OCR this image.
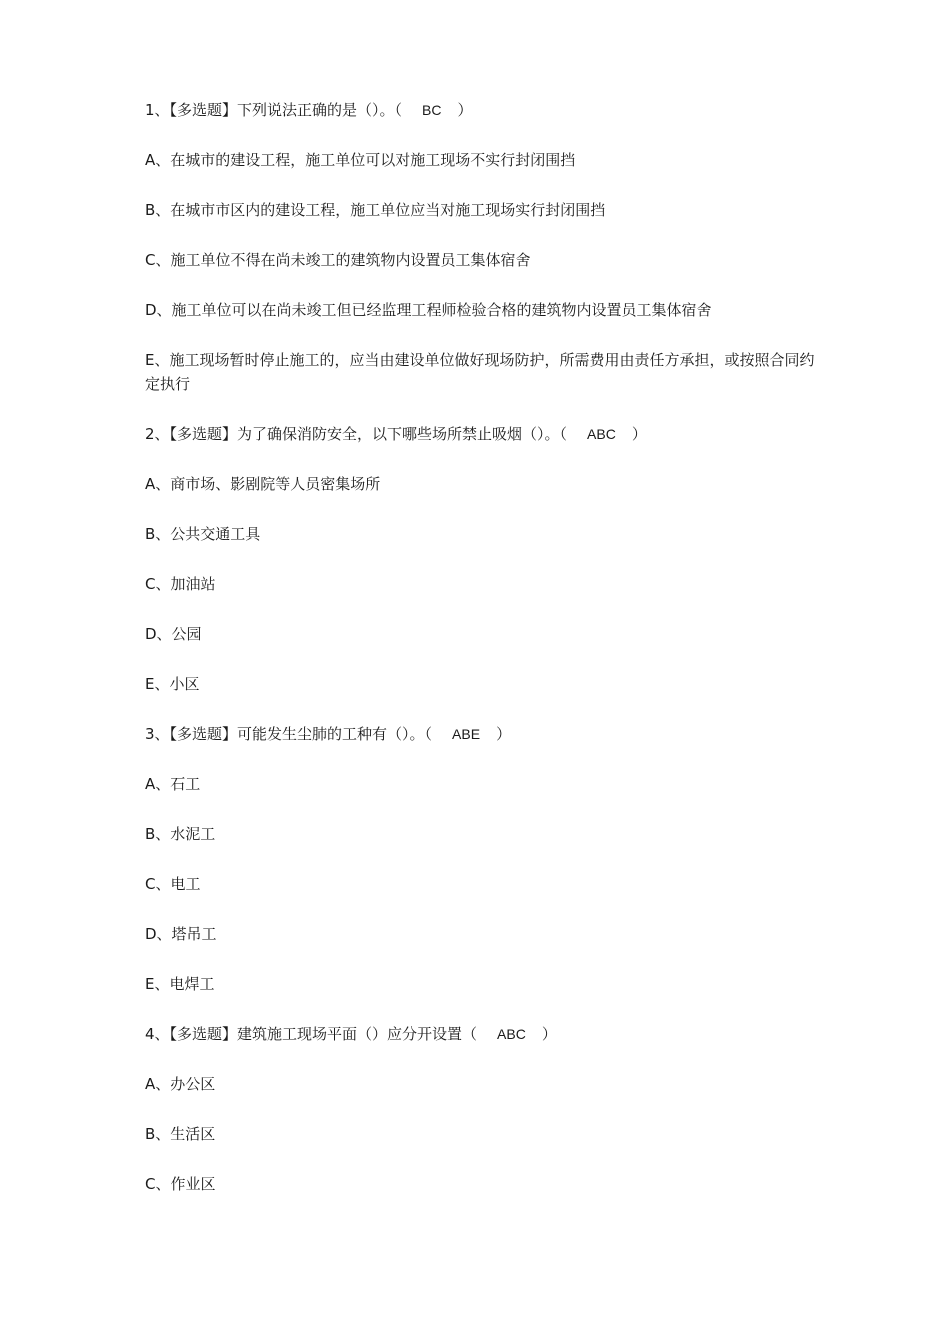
1、【多选题】下列说法正确的是（）。（ BC ）
A、在城市的建设工程，施工单位可以对施工现场不实行封闭围挡
B、在城市市区内的建设工程，施工单位应当对施工现场实行封闭围挡
C、施工单位不得在尚未竣工的建筑物内设置员工集体宿舍
D、施工单位可以在尚未竣工但已经监理工程师检验合格的建筑物内设置员工集体宿舍
E、施工现场暂时停止施工的，应当由建设单位做好现场防护，所需费用由责任方承担，或按照合同约定执行
2、【多选题】为了确保消防安全，以下哪些场所禁止吸烟（）。（ ABC ）
A、商市场、影剧院等人员密集场所
B、公共交通工具
C、加油站
D、公园
E、小区
3、【多选题】可能发生尘肺的工种有（）。（ ABE ）
A、石工
B、水泥工
C、电工
D、塔吊工
E、电焊工
4、【多选题】建筑施工现场平面（）应分开设置（ ABC ）
A、办公区
B、生活区
C、作业区
